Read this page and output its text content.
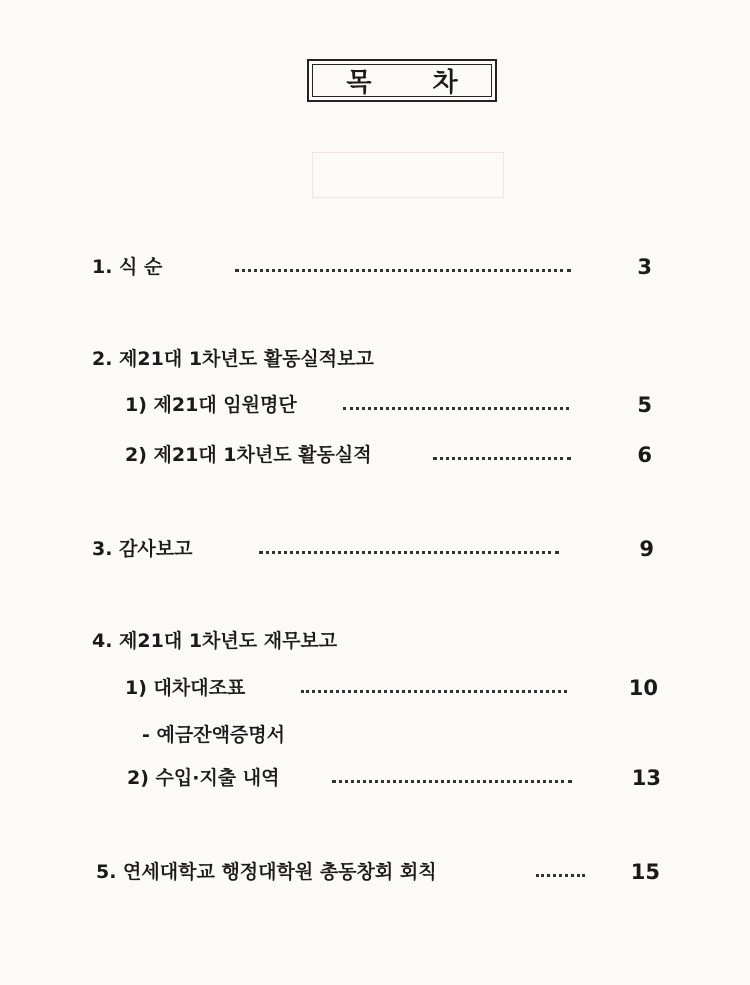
목 차
1. 식 순	3
2. 제21대 1차년도 활동실적보고
1) 제21대 임원명단	5
2) 제21대 1차년도 활동실적	6
3. 감사보고	9
4. 제21대 1차년도 재무보고
1) 대차대조표	10
- 예금잔액증명서
2) 수입·지출 내역	13
5. 연세대학교 행정대학원 총동창회 회칙	15
